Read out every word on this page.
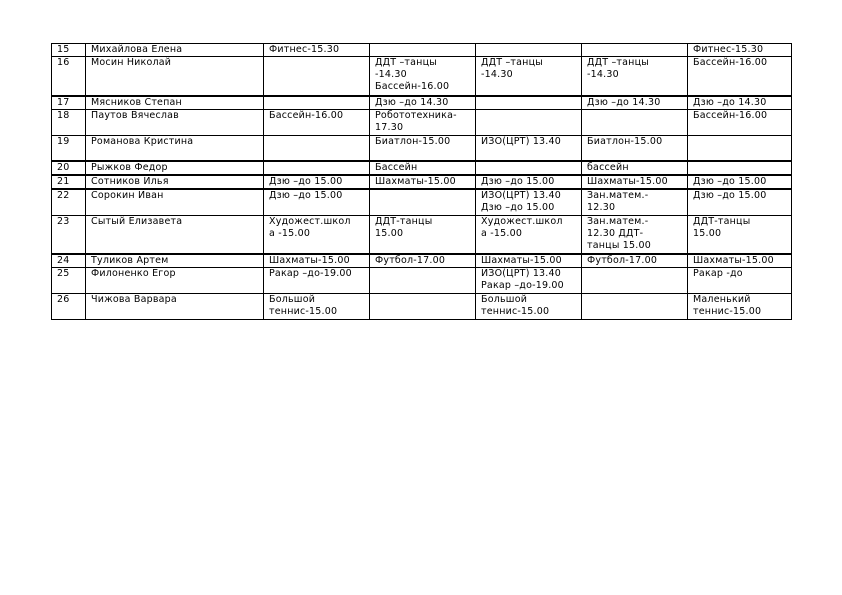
15	Михайлова Елена	Фитнес-15.30				Фитнес-15.30
16	Мосин Николай		ДДТ –танцы
-14.30
Бассейн-16.00	ДДТ –танцы
-14.30	ДДТ –танцы
-14.30	Бассейн-16.00
17	Мясников Степан		Дзю –до 14.30		Дзю –до 14.30	Дзю –до 14.30
18	Паутов Вячеслав	Бассейн-16.00	Робототехника-
17.30			Бассейн-16.00
19	Романова Кристина		Биатлон-15.00	ИЗО(ЦРТ) 13.40	Биатлон-15.00	
20	Рыжков Федор		Бассейн		бассейн	
21	Сотников Илья	Дзю –до 15.00	Шахматы-15.00	Дзю –до 15.00	Шахматы-15.00	Дзю –до 15.00
22	Сорокин Иван	Дзю –до 15.00		ИЗО(ЦРТ) 13.40
Дзю –до 15.00	Зан.матем.-
12.30	Дзю –до 15.00
23	Сытый Елизавета	Художест.школ
а -15.00	ДДТ-танцы
15.00	Художест.школ
а -15.00	Зан.матем.-
12.30 ДДТ-
танцы 15.00	ДДТ-танцы
15.00
24	Туликов Артем	Шахматы-15.00	Футбол-17.00	Шахматы-15.00	Футбол-17.00	Шахматы-15.00
25	Филоненко Егор	Ракар –до-19.00		ИЗО(ЦРТ) 13.40
Ракар –до-19.00		Ракар -до
26	Чижова Варвара	Большой
теннис-15.00		Большой
теннис-15.00		Маленький
теннис-15.00
